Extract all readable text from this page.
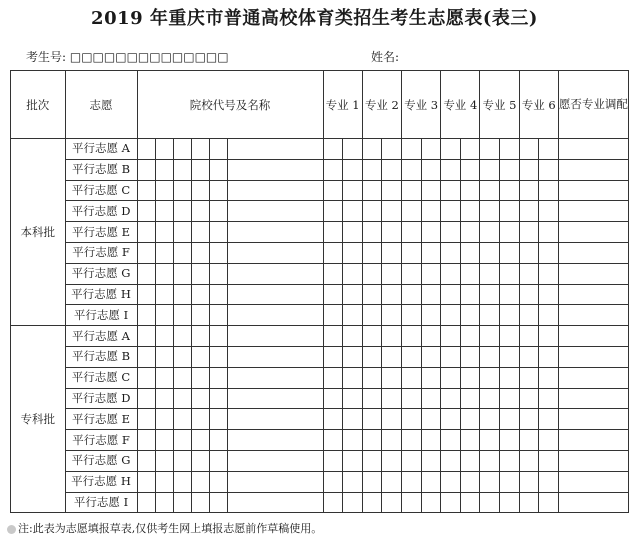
2019 年重庆市普通高校体育类招生考生志愿表(表三)
考生号: □□□□□□□□□□□□□□	姓名:
批次	志愿	院校代号及名称						专业 1		专业 2		专业 3		专业 4		专业 5		专业 6		愿否专业调配
本科批	平行志愿 A																			
	平行志愿 B																			
	平行志愿 C																			
	平行志愿 D																			
	平行志愿 E																			
	平行志愿 F																			
	平行志愿 G																			
	平行志愿 H																			
	平行志愿 I																			
专科批	平行志愿 A																			
	平行志愿 B																			
	平行志愿 C																			
	平行志愿 D																			
	平行志愿 E																			
	平行志愿 F																			
	平行志愿 G																			
	平行志愿 H																			
	平行志愿 I																			
注:此表为志愿填报草表,仅供考生网上填报志愿前作草稿使用。
